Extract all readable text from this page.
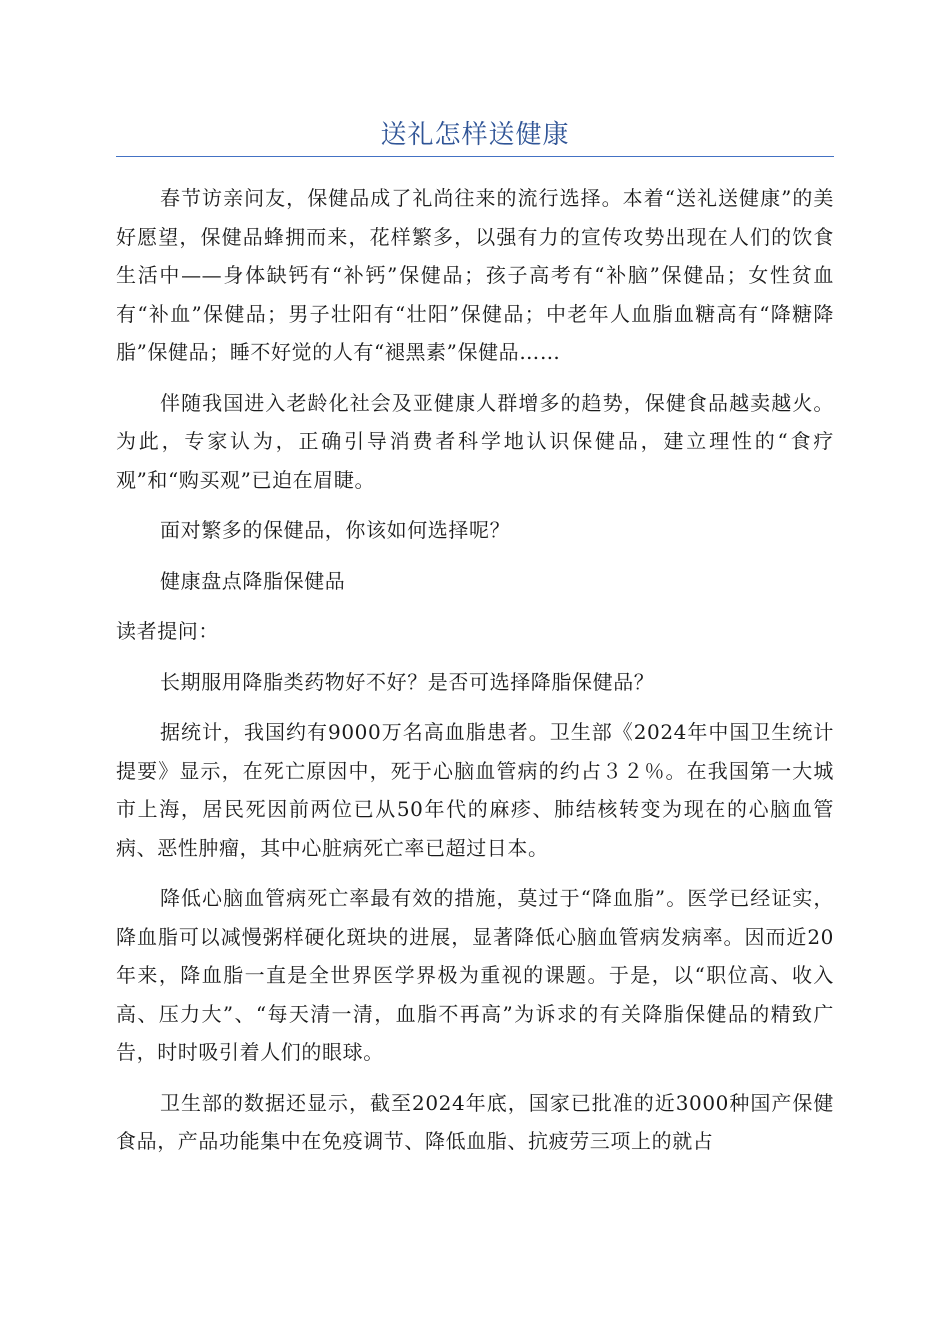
送礼怎样送健康

春节访亲问友，保健品成了礼尚往来的流行选择。本着“送礼送健康”的美好愿望，保健品蜂拥而来，花样繁多，以强有力的宣传攻势出现在人们的饮食生活中——身体缺钙有“补钙”保健品；孩子高考有“补脑”保健品；女性贫血有“补血”保健品；男子壮阳有“壮阳”保健品；中老年人血脂血糖高有“降糖降脂”保健品；睡不好觉的人有“褪黑素”保健品……

伴随我国进入老龄化社会及亚健康人群增多的趋势，保健食品越卖越火。为此，专家认为，正确引导消费者科学地认识保健品，建立理性的“食疗观”和“购买观”已迫在眉睫。

面对繁多的保健品，你该如何选择呢？

健康盘点降脂保健品

读者提问：

长期服用降脂类药物好不好？是否可选择降脂保健品？

据统计，我国约有9000万名高血脂患者。卫生部《2024年中国卫生统计提要》显示，在死亡原因中，死于心脑血管病的约占３２％。在我国第一大城市上海，居民死因前两位已从50年代的麻疹、肺结核转变为现在的心脑血管病、恶性肿瘤，其中心脏病死亡率已超过日本。

降低心脑血管病死亡率最有效的措施，莫过于“降血脂”。医学已经证实，降血脂可以减慢粥样硬化斑块的进展，显著降低心脑血管病发病率。因而近20年来，降血脂一直是全世界医学界极为重视的课题。于是，以“职位高、收入高、压力大”、“每天清一清，血脂不再高”为诉求的有关降脂保健品的精致广告，时时吸引着人们的眼球。

卫生部的数据还显示，截至2024年底，国家已批准的近3000种国产保健食品，产品功能集中在免疫调节、降低血脂、抗疲劳三项上的就占
